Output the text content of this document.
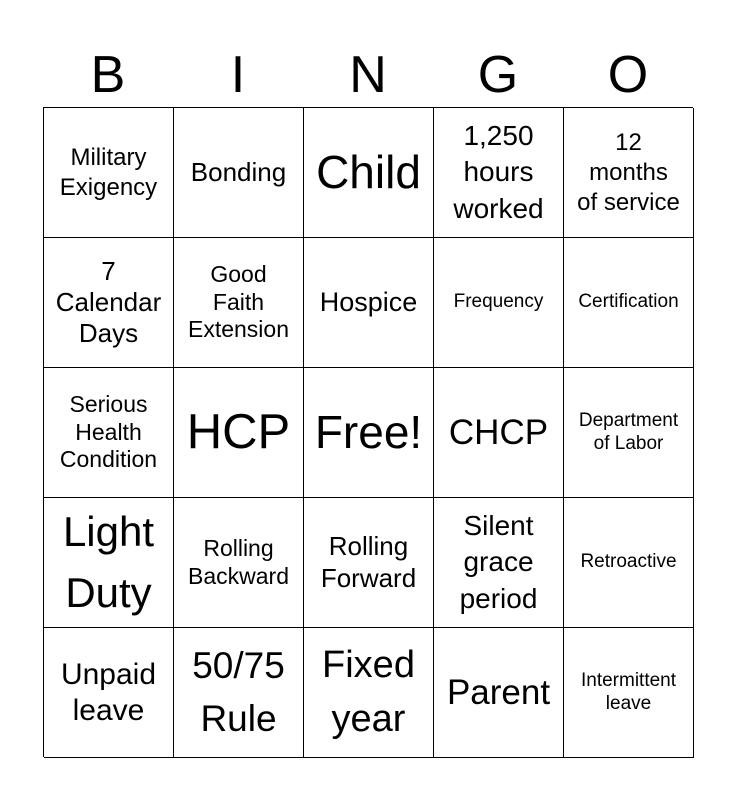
B	I	N	G	O
Military
Exigency
Bonding Child
1,250
hours
worked
12
months
of service
7
Calendar
Days
Good
Faith
Extension
Hospice Frequency Certification
Serious
Health
Condition
HCP Free! CHCP Department
of Labor
Light
Duty
Rolling
Backward
Rolling
Forward
Silent
grace
period
Retroactive
Unpaid
leave
50/75
Rule
Fixed
year
Parent Intermittent
leave
